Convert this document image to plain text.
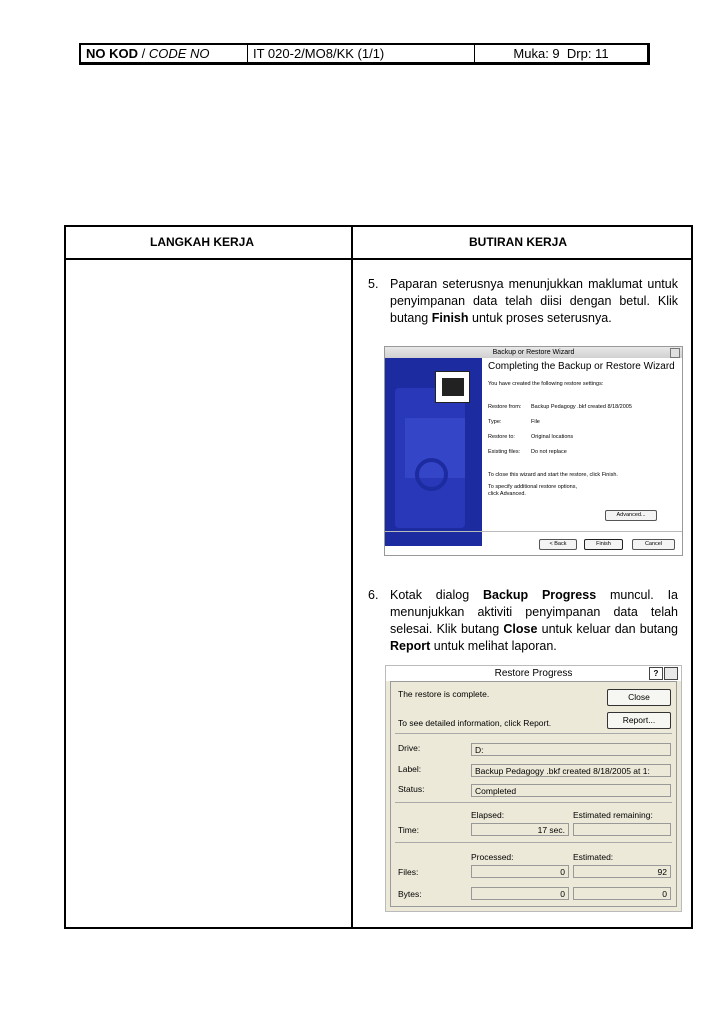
NO KOD / CODE NO	IT 020-2/MO8/KK (1/1)	Muka: 9  Drp: 11
LANGKAH KERJA	BUTIRAN KERJA
5. Paparan seterusnya menunjukkan maklumat untuk penyimpanan data telah diisi dengan betul. Klik butang Finish untuk proses seterusnya.
Backup or Restore Wizard
Completing the Backup or Restore Wizard
You have created the following restore settings:
Restore from: Backup Pedagogy .bkf created 8/18/2005
Type:	File
Restore to:	Original locations
Existing files: Do not replace
To close this wizard and start the restore, click Finish.
To specify additional restore options, click Advanced.
Advanced...
< Back	Finish	Cancel
6. Kotak dialog Backup Progress muncul. Ia menunjukkan aktiviti penyimpanan data telah selesai. Klik butang Close untuk keluar dan butang Report untuk melihat laporan.
Restore Progress	?
The restore is complete.	Close
To see detailed information, click Report.	Report...
Drive:	D:
Label:	Backup Pedagogy .bkf created 8/18/2005 at 1:
Status:	Completed
Elapsed:	Estimated remaining:
Time:	17 sec.
Processed:	Estimated:
Files:	0	92
Bytes:	0	0
